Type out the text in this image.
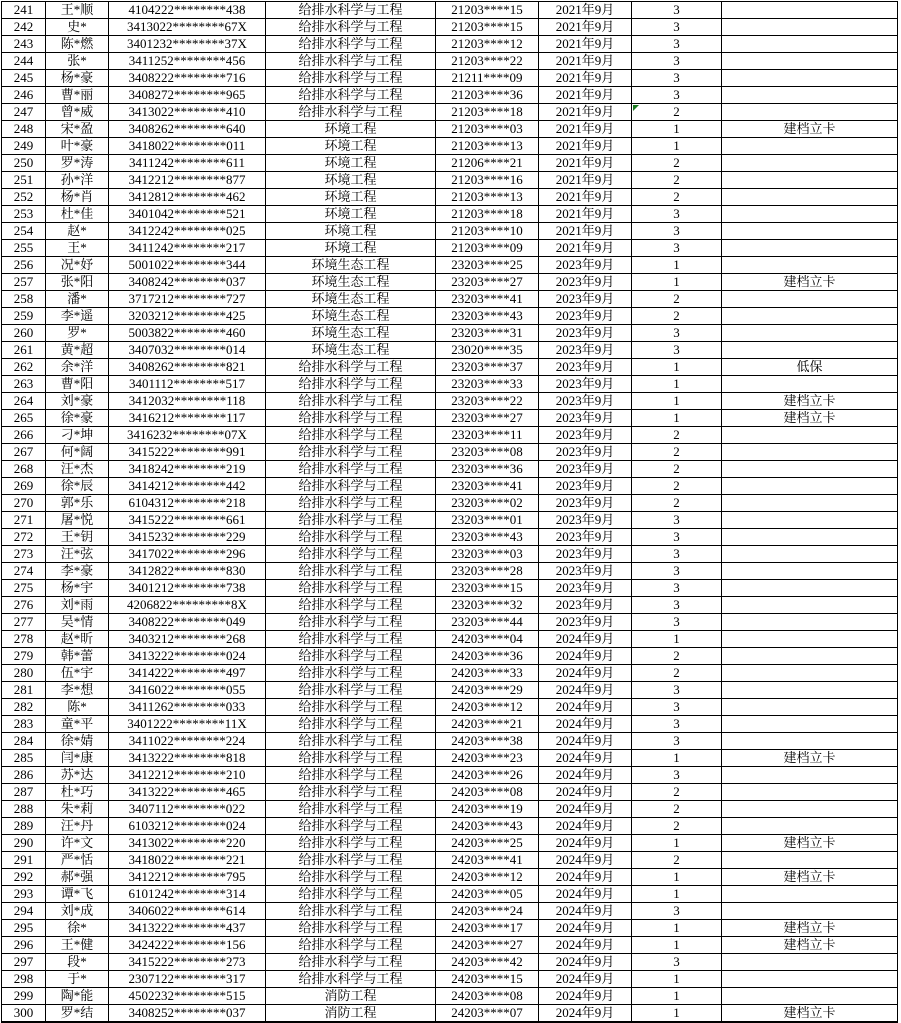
241	王*顺	4104222********438	给排水科学与工程	21203****15	2021年9月	3	
242	史*	3413022********67X	给排水科学与工程	21203****15	2021年9月	3	
243	陈*燃	3401232********37X	给排水科学与工程	21203****12	2021年9月	3	
244	张*	3411252********456	给排水科学与工程	21203****22	2021年9月	3	
245	杨*豪	3408222********716	给排水科学与工程	21211****09	2021年9月	3	
246	曹*丽	3408272********965	给排水科学与工程	21203****36	2021年9月	3	
247	曾*威	3413022********410	给排水科学与工程	21203****18	2021年9月	2

248	宋*盈	3408262********640	环境工程	21203****03	2021年9月	1	建档立卡
249	叶*豪	3418022********011	环境工程	21203****13	2021年9月	1	
250	罗*涛	3411242********611	环境工程	21206****21	2021年9月	2	
251	孙*洋	3412212********877	环境工程	21203****16	2021年9月	2	
252	杨*肖	3412812********462	环境工程	21203****13	2021年9月	2	
253	杜*佳	3401042********521	环境工程	21203****18	2021年9月	3	
254	赵*	3412242********025	环境工程	21203****10	2021年9月	3	
255	王*	3411242********217	环境工程	21203****09	2021年9月	3	
256	况*妤	5001022********344	环境生态工程	23203****25	2023年9月	1	
257	张*阳	3408242********037	环境生态工程	23203****27	2023年9月	1	建档立卡
258	潘*	3717212********727	环境生态工程	23203****41	2023年9月	2	
259	李*遥	3203212********425	环境生态工程	23203****43	2023年9月	2	
260	罗*	5003822********460	环境生态工程	23203****31	2023年9月	3	
261	黄*超	3407032********014	环境生态工程	23020****35	2023年9月	3	
262	余*洋	3408262********821	给排水科学与工程	23203****37	2023年9月	1	低保
263	曹*阳	3401112********517	给排水科学与工程	23203****33	2023年9月	1	
264	刘*豪	3412032********118	给排水科学与工程	23203****22	2023年9月	1	建档立卡
265	徐*豪	3416212********117	给排水科学与工程	23203****27	2023年9月	1	建档立卡
266	刁*坤	3416232********07X	给排水科学与工程	23203****11	2023年9月	2	
267	何*阔	3415222********991	给排水科学与工程	23203****08	2023年9月	2	
268	汪*杰	3418242********219	给排水科学与工程	23203****36	2023年9月	2	
269	徐*辰	3414212********442	给排水科学与工程	23203****41	2023年9月	2	
270	郭*乐	6104312********218	给排水科学与工程	23203****02	2023年9月	2	
271	屠*悦	3415222********661	给排水科学与工程	23203****01	2023年9月	3	
272	王*钥	3415232********229	给排水科学与工程	23203****43	2023年9月	3	
273	汪*弦	3417022********296	给排水科学与工程	23203****03	2023年9月	3	
274	李*豪	3412822********830	给排水科学与工程	23203****28	2023年9月	3	
275	杨*宇	3401212********738	给排水科学与工程	23203****15	2023年9月	3	
276	刘*雨	4206822*********8X	给排水科学与工程	23203****32	2023年9月	3	
277	吴*情	3408222********049	给排水科学与工程	23203****44	2023年9月	3	
278	赵*昕	3403212********268	给排水科学与工程	24203****04	2024年9月	1	
279	韩*蕾	3413222********024	给排水科学与工程	24203****36	2024年9月	2	
280	伍*宇	3414222********497	给排水科学与工程	24203****33	2024年9月	2	
281	李*想	3416022********055	给排水科学与工程	24203****29	2024年9月	3	
282	陈*	3411262********033	给排水科学与工程	24203****12	2024年9月	3	
283	童*平	3401222********11X	给排水科学与工程	24203****21	2024年9月	3	
284	徐*婧	3411022********224	给排水科学与工程	24203****38	2024年9月	3	
285	闫*康	3413222********818	给排水科学与工程	24203****23	2024年9月	1	建档立卡
286	苏*达	3412212********210	给排水科学与工程	24203****26	2024年9月	3	
287	杜*巧	3413222********465	给排水科学与工程	24203****08	2024年9月	2	
288	朱*莉	3407112********022	给排水科学与工程	24203****19	2024年9月	2	
289	汪*丹	6103212********024	给排水科学与工程	24203****43	2024年9月	2	
290	许*文	3413022********220	给排水科学与工程	24203****25	2024年9月	1	建档立卡
291	严*恬	3418022********221	给排水科学与工程	24203****41	2024年9月	2	
292	郝*强	3412212********795	给排水科学与工程	24203****12	2024年9月	1	建档立卡
293	谭*飞	6101242********314	给排水科学与工程	24203****05	2024年9月	1	
294	刘*成	3406022********614	给排水科学与工程	24203****24	2024年9月	3	
295	徐*	3413222********437	给排水科学与工程	24203****17	2024年9月	1	建档立卡
296	王*健	3424222********156	给排水科学与工程	24203****27	2024年9月	1	建档立卡
297	段*	3415222********273	给排水科学与工程	24203****42	2024年9月	3	
298	于*	2307122********317	给排水科学与工程	24203****15	2024年9月	1	
299	陶*能	4502232********515	消防工程	24203****08	2024年9月	1	
300	罗*结	3408252********037	消防工程	24203****07	2024年9月	1	建档立卡
